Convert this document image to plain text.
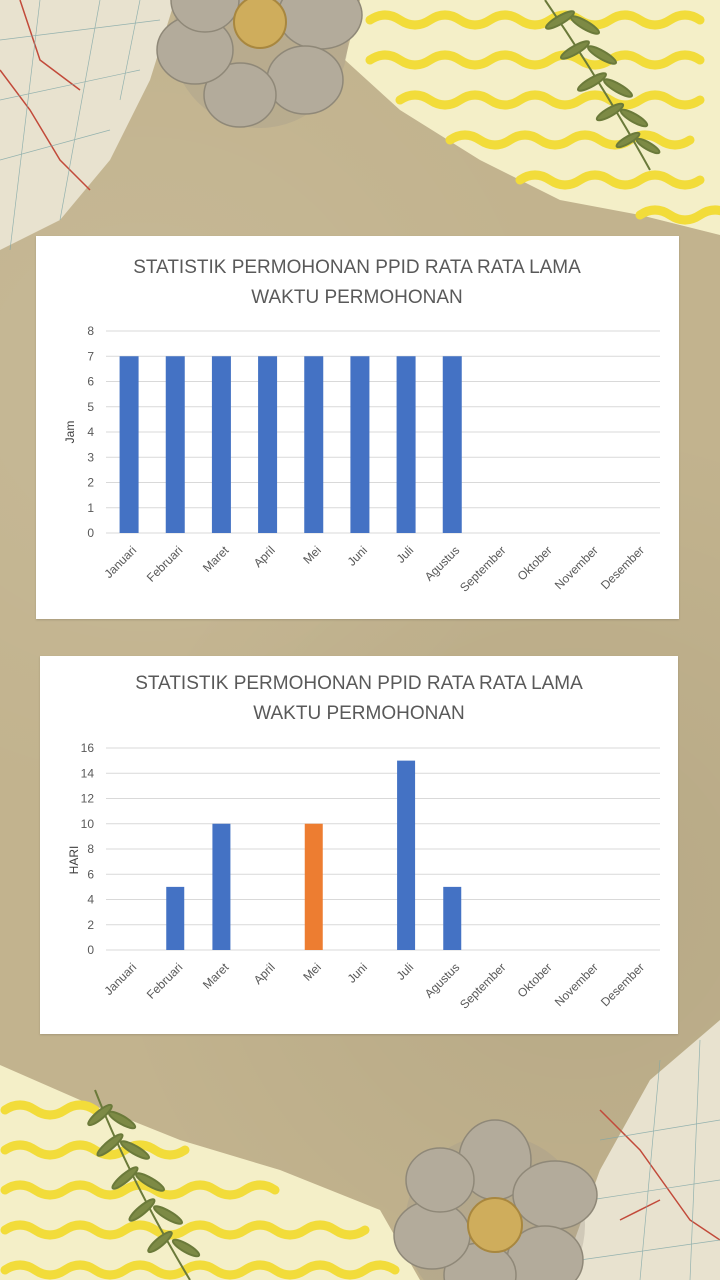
STATISTIK PERMOHONAN PPID RATA RATA LAMA
WAKTU PERMOHONAN
Jam
0
1
2
3
4
5
6
7
8
Januari Februari Maret April Mei Juni Juli Agustus
September Oktober
November
Desember
STATISTIK PERMOHONAN PPID RATA RATA LAMA
WAKTU PERMOHONAN
HARI
0
2
4
6
8
10
12
14
16
Januari Februari Maret April Mei Juni Juli Agustus
September Oktober
November
Desember
